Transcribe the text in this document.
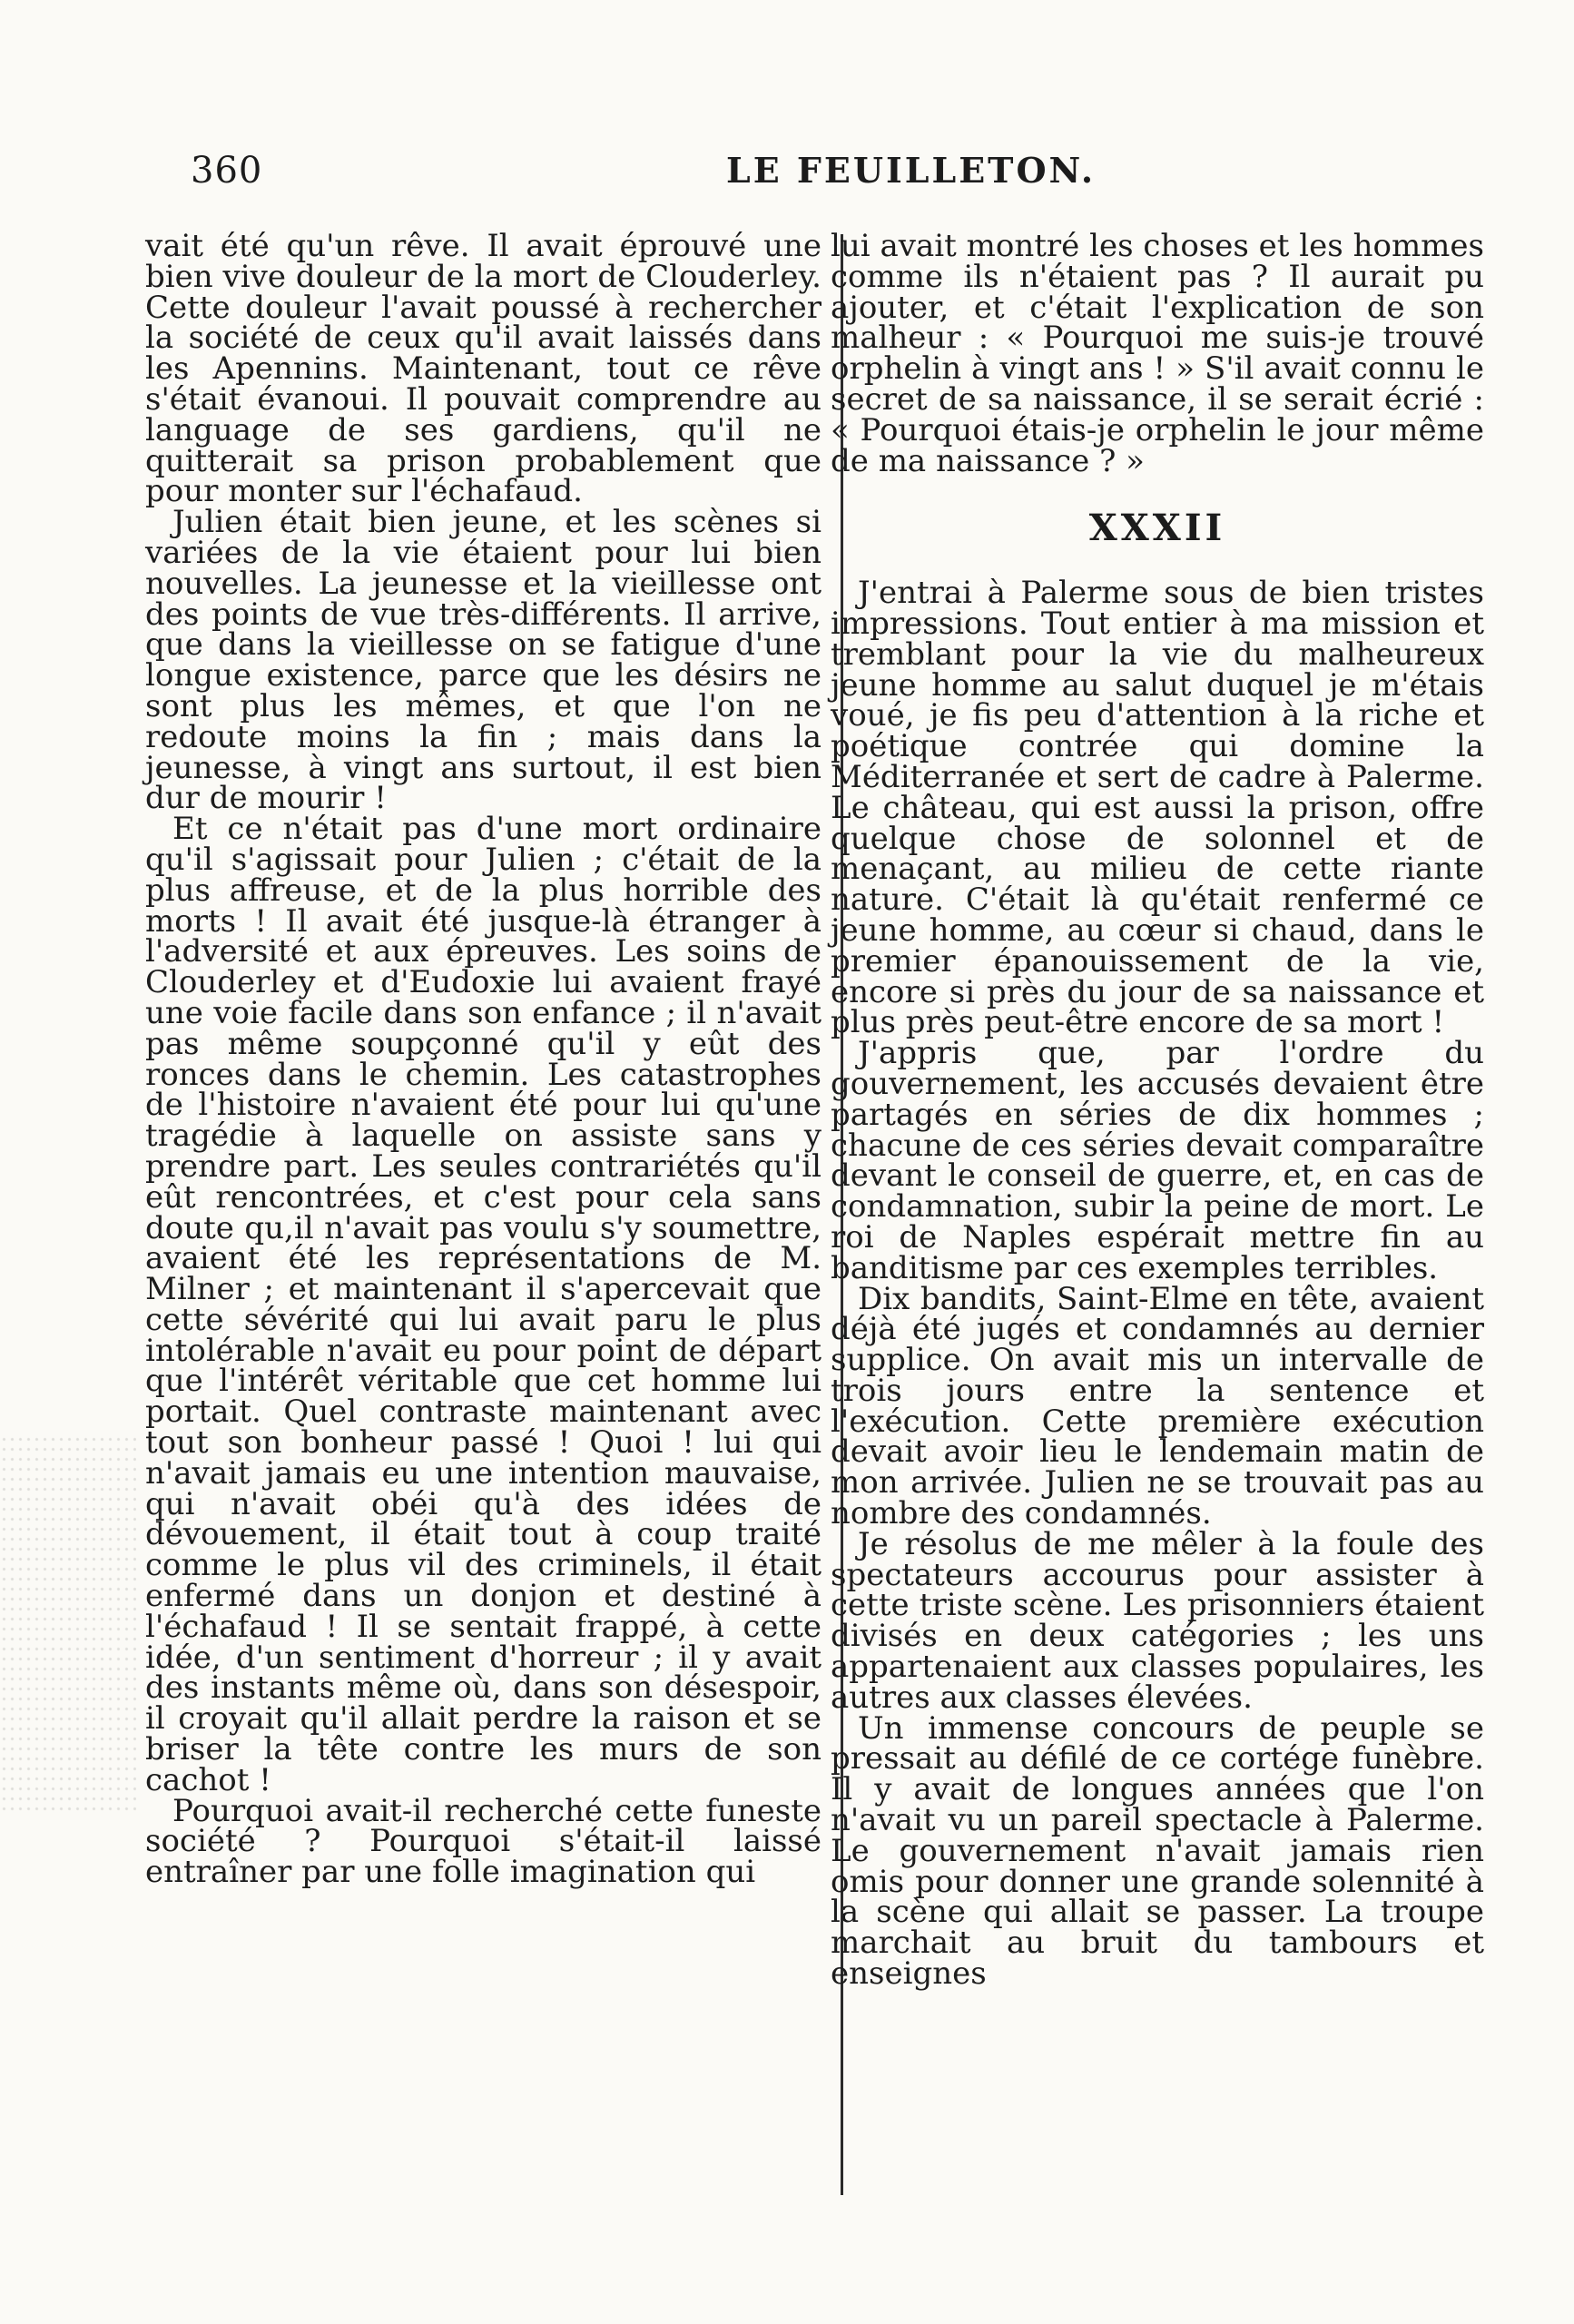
360	LE FEUILLETON.

vait été qu'un rêve. Il avait éprouvé une bien vive douleur de la mort de Clouderley. Cette douleur l'avait poussé à rechercher la société de ceux qu'il avait laissés dans les Apennins. Maintenant, tout ce rêve s'était évanoui. Il pouvait comprendre au language de ses gardiens, qu'il ne quitterait sa prison probablement que pour monter sur l'échafaud.

Julien était bien jeune, et les scènes si variées de la vie étaient pour lui bien nouvelles. La jeunesse et la vieillesse ont des points de vue très-différents. Il arrive, que dans la vieillesse on se fatigue d'une longue existence, parce que les désirs ne sont plus les mêmes, et que l'on ne redoute moins la fin ; mais dans la jeunesse, à vingt ans surtout, il est bien dur de mourir !

Et ce n'était pas d'une mort ordinaire qu'il s'agissait pour Julien ; c'était de la plus affreuse, et de la plus horrible des morts ! Il avait été jusque-là étranger à l'adversité et aux épreuves. Les soins de Clouderley et d'Eudoxie lui avaient frayé une voie facile dans son enfance ; il n'avait pas même soupçonné qu'il y eût des ronces dans le chemin. Les catastrophes de l'histoire n'avaient été pour lui qu'une tragédie à laquelle on assiste sans y prendre part. Les seules contrariétés qu'il eût rencontrées, et c'est pour cela sans doute qu,il n'avait pas voulu s'y soumettre, avaient été les représentations de M. Milner ; et maintenant il s'apercevait que cette sévérité qui lui avait paru le plus intolérable n'avait eu pour point de départ que l'intérêt véritable que cet homme lui portait. Quel contraste maintenant avec tout son bonheur passé ! Quoi ! lui qui n'avait jamais eu une intention mauvaise, qui n'avait obéi qu'à des idées de dévouement, il était tout à coup traité comme le plus vil des criminels, il était enfermé dans un donjon et destiné à l'échafaud ! Il se sentait frappé, à cette idée, d'un sentiment d'horreur ; il y avait des instants même où, dans son désespoir, il croyait qu'il allait perdre la raison et se briser la tête contre les murs de son cachot !

Pourquoi avait-il recherché cette funeste société ? Pourquoi s'était-il laissé entraîner par une folle imagination qui

lui avait montré les choses et les hommes comme ils n'étaient pas ? Il aurait pu ajouter, et c'était l'explication de son malheur : « Pourquoi me suis-je trouvé orphelin à vingt ans ! » S'il avait connu le secret de sa naissance, il se serait écrié : « Pourquoi étais-je orphelin le jour même de ma naissance ? »

XXXII

J'entrai à Palerme sous de bien tristes impressions. Tout entier à ma mission et tremblant pour la vie du malheureux jeune homme au salut duquel je m'étais voué, je fis peu d'attention à la riche et poétique contrée qui domine la Méditerranée et sert de cadre à Palerme. Le château, qui est aussi la prison, offre quelque chose de solonnel et de menaçant, au milieu de cette riante nature. C'était là qu'était renfermé ce jeune homme, au cœur si chaud, dans le premier épanouissement de la vie, encore si près du jour de sa naissance et plus près peut-être encore de sa mort !

J'appris que, par l'ordre du gouvernement, les accusés devaient être partagés en séries de dix hommes ; chacune de ces séries devait comparaître devant le conseil de guerre, et, en cas de condamnation, subir la peine de mort. Le roi de Naples espérait mettre fin au banditisme par ces exemples terribles.

Dix bandits, Saint-Elme en tête, avaient déjà été jugés et condamnés au dernier supplice. On avait mis un intervalle de trois jours entre la sentence et l'exécution. Cette première exécution devait avoir lieu le lendemain matin de mon arrivée. Julien ne se trouvait pas au nombre des condamnés.

Je résolus de me mêler à la foule des spectateurs accourus pour assister à cette triste scène. Les prisonniers étaient divisés en deux catégories ; les uns appartenaient aux classes populaires, les autres aux classes élevées.

Un immense concours de peuple se pressait au défilé de ce cortége funèbre. Il y avait de longues années que l'on n'avait vu un pareil spectacle à Palerme. Le gouvernement n'avait jamais rien omis pour donner une grande solennité à la scène qui allait se passer. La troupe marchait au bruit du tambours et enseignes
